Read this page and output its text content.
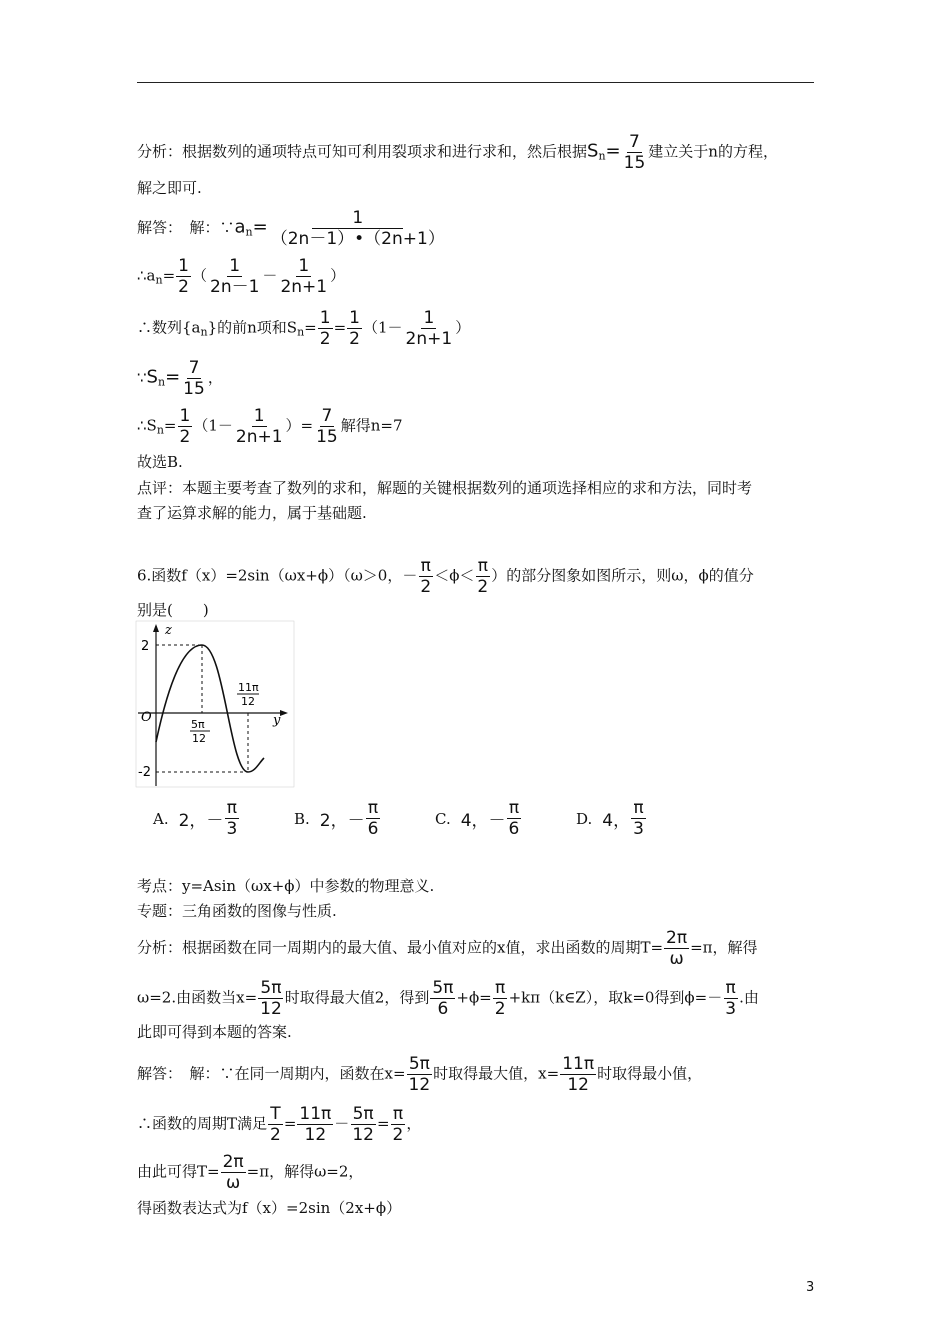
分析：根据数列的通项特点可知可利用裂项求和进行求和，然后根据$S_n= \frac{7}{15}$ 建立关于n的方程，
解之即可.
解答：　解：$\because a_n= \frac{1}{(2n-1)•(2n+1)}$
$\therefore a_n= \frac{1}{2}$ （ $\frac{1}{2n-1} - \frac{1}{2n+1}$ ）
∴数列$\{a_n\}$的前n项和$S_n= \frac{1}{2} = \frac{1}{2} (1- \frac{1}{2n+1}$ ）
$\because S_n= \frac{7}{15}$ ，
$\therefore S_n= \frac{1}{2} (1- \frac{1}{2n+1}$ ）= $\frac{7}{15}$ 解得n=7
故选B.
点评：本题主要考查了数列的求和，解题的关键根据数列的通项选择相应的求和方法，同时考
查了运算求解的能力，属于基础题.
6.函数f（x）=2sin（ωx+ϕ）（ω＞0，－ $\frac{\pi}{2} <\phi< \frac{\pi}{2}$ ）的部分图象如图所示，则ω，ϕ的值分
别是(　　)
z
2
-2
O	y
5π
12
11π
12
A. 2，－ $\frac{\pi}{3}$	B. 2，－ $\frac{\pi}{6}$	C. 4，－ $\frac{\pi}{6}$	D. 4， $\frac{\pi}{3}$
考点：y=Asin（ωx+ϕ）中参数的物理意义.
专题：三角函数的图像与性质.
分析：根据函数在同一周期内的最大值、最小值对应的x值，求出函数的周期$T= \frac{2\pi}{\omega} =\pi$，解得
ω=2.由函数当$x= \frac{5\pi}{12}$ 时取得最大值2，得到 $\frac{5\pi}{6} +\phi= \frac{\pi}{2}$ +kπ（k∈Z），取k=0得到$\phi=- \frac{\pi}{3}$ .由
此即可得到本题的答案.
解答：　解：∵在同一周期内，函数在$x= \frac{5\pi}{12}$ 时取得最大值，$x= \frac{11\pi}{12}$ 时取得最小值，
∴函数的周期T满足 $\frac{T}{2} = \frac{11\pi}{12} - \frac{5\pi}{12} = \frac{\pi}{2}$ ，
由此可得$T= \frac{2\pi}{\omega} =\pi$，解得ω=2，
得函数表达式为f（x）=2sin（2x+ϕ）
3
